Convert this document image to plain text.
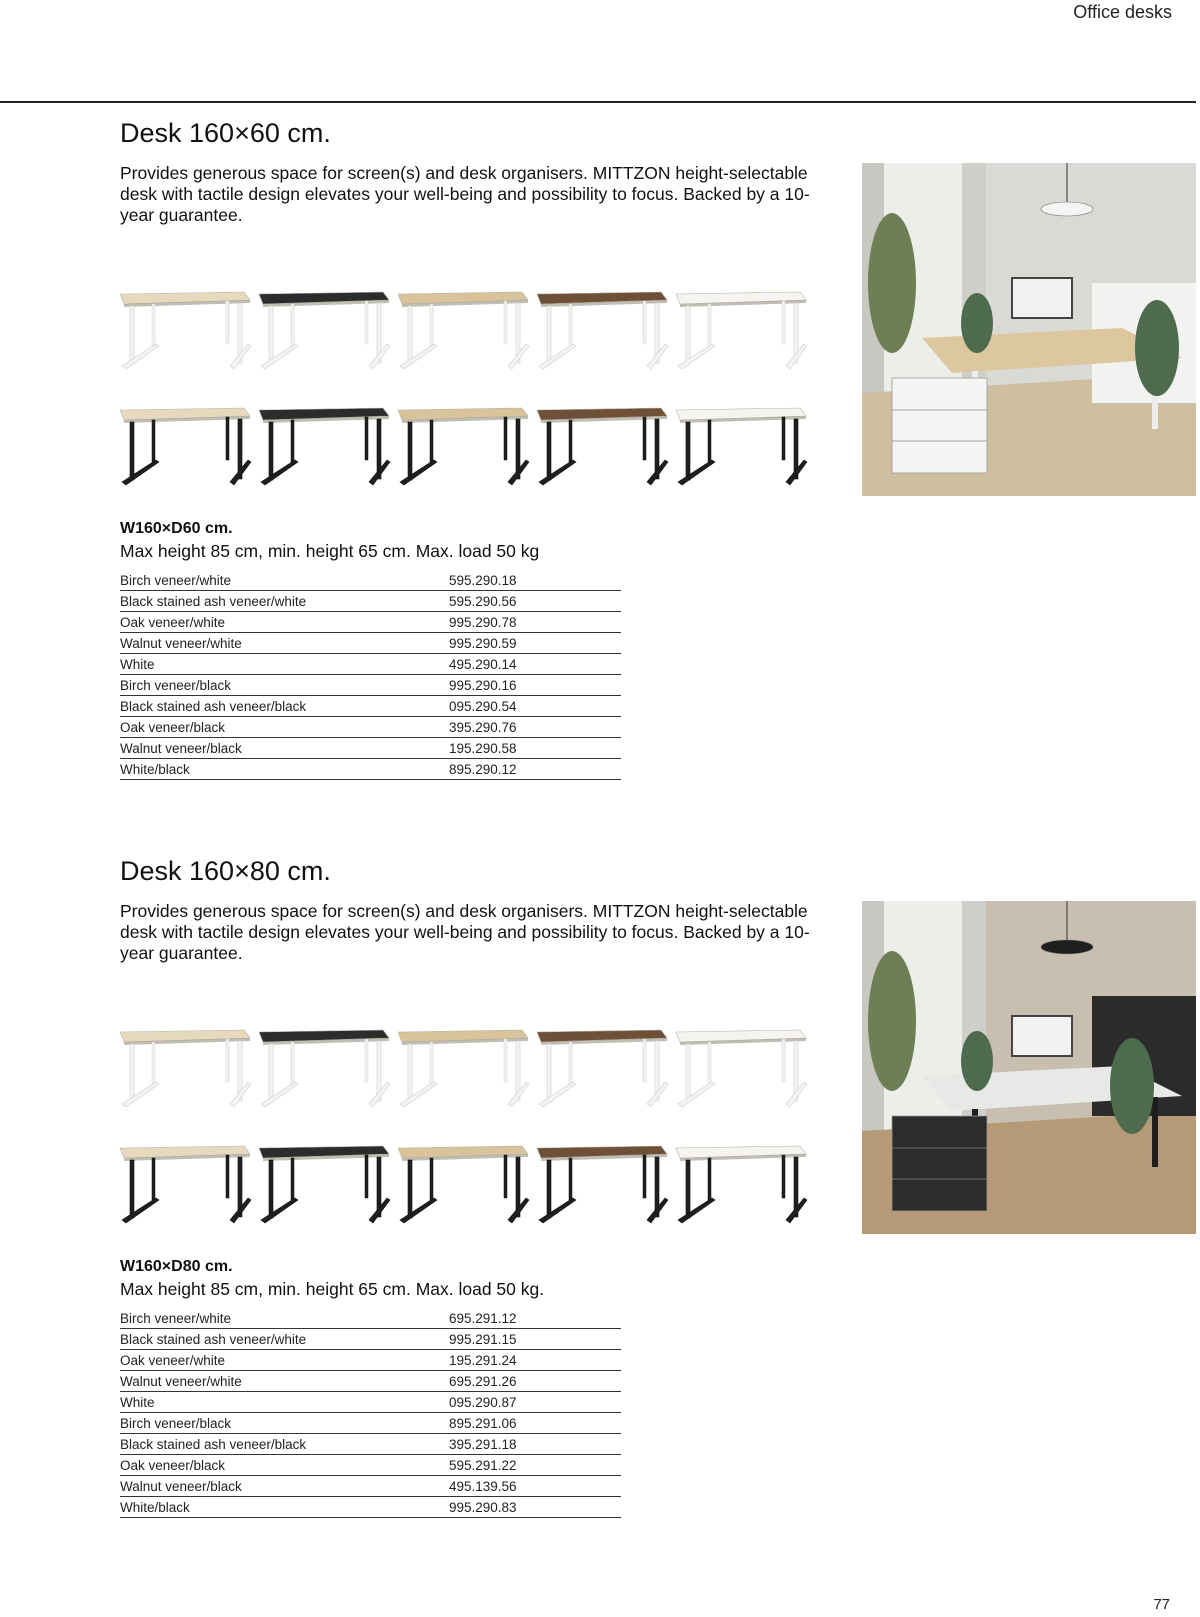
Office desks
Desk 160×60 cm.

Provides generous space for screen(s) and desk organisers. MITTZON height-selectable desk with tactile design elevates your well-being and possibility to focus. Backed by a 10-year guarantee.

W160×D60 cm.

Max height 85 cm, min. height 65 cm. Max. load 50 kg

Birch veneer/white	595.290.18
Black stained ash veneer/white	595.290.56
Oak veneer/white	995.290.78
Walnut veneer/white	995.290.59
White	495.290.14
Birch veneer/black	995.290.16
Black stained ash veneer/black	095.290.54
Oak veneer/black	395.290.76
Walnut veneer/black	195.290.58
White/black	895.290.12
Desk 160×80 cm.

Provides generous space for screen(s) and desk organisers. MITTZON height-selectable desk with tactile design elevates your well-being and possibility to focus. Backed by a 10-year guarantee.

W160×D80 cm.

Max height 85 cm, min. height 65 cm. Max. load 50 kg.

Birch veneer/white	695.291.12
Black stained ash veneer/white	995.291.15
Oak veneer/white	195.291.24
Walnut veneer/white	695.291.26
White	095.290.87
Birch veneer/black	895.291.06
Black stained ash veneer/black	395.291.18
Oak veneer/black	595.291.22
Walnut veneer/black	495.139.56
White/black	995.290.83
77
